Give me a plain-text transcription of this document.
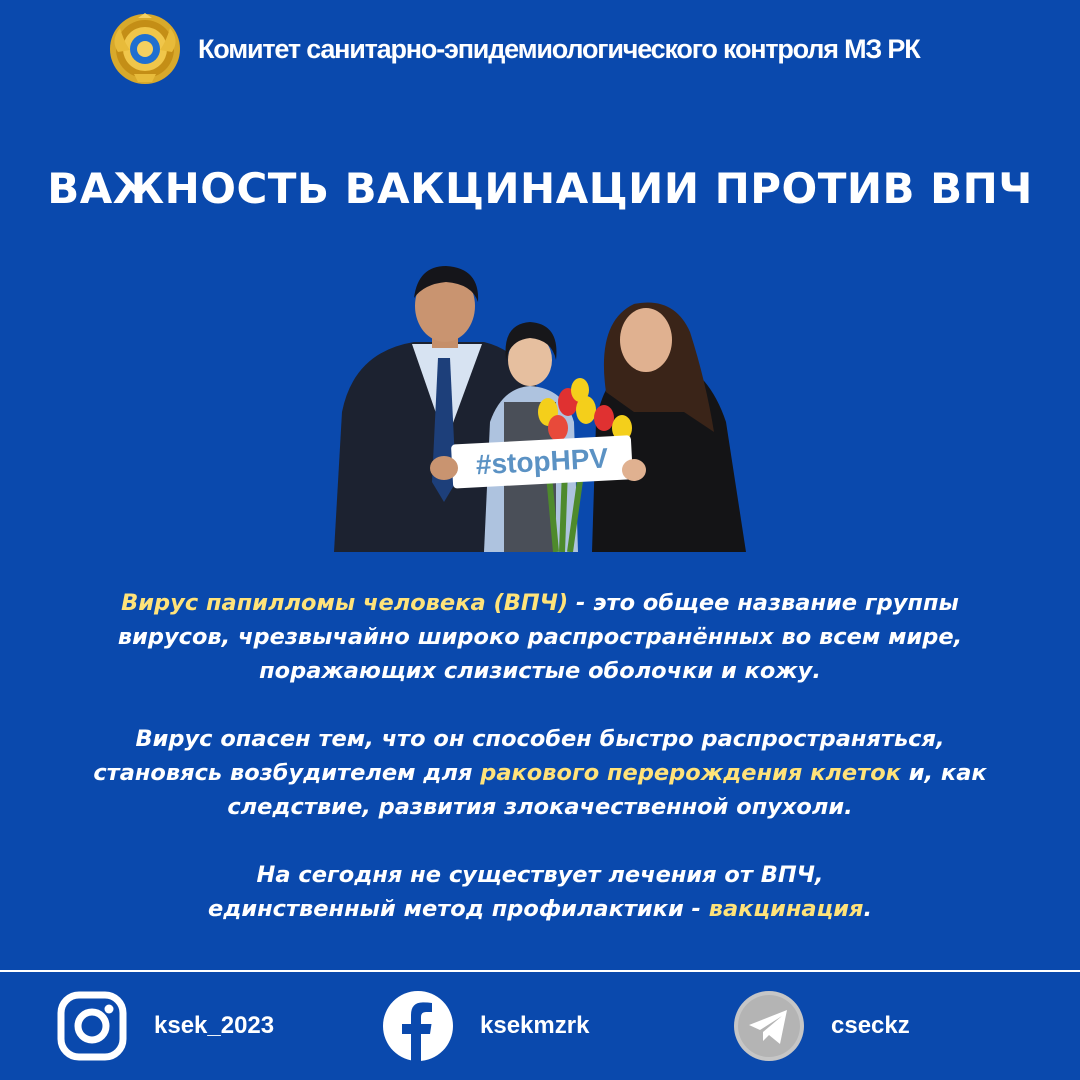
Комитет санитарно-эпидемиологического контроля МЗ РК
ВАЖНОСТЬ ВАКЦИНАЦИИ ПРОТИВ ВПЧ
#stopHPV

Вирус папилломы человека (ВПЧ) - это общее название группы
вирусов, чрезвычайно широко распространённых во всем мире,
поражающих слизистые оболочки и кожу.

Вирус опасен тем, что он способен быстро распространяться,
становясь возбудителем для ракового перерождения клеток и, как
следствие, развития злокачественной опухоли.

На сегодня не существует лечения от ВПЧ,
единственный метод профилактики - вакцинация.

ksek_2023	ksekmzrk	cseckz
